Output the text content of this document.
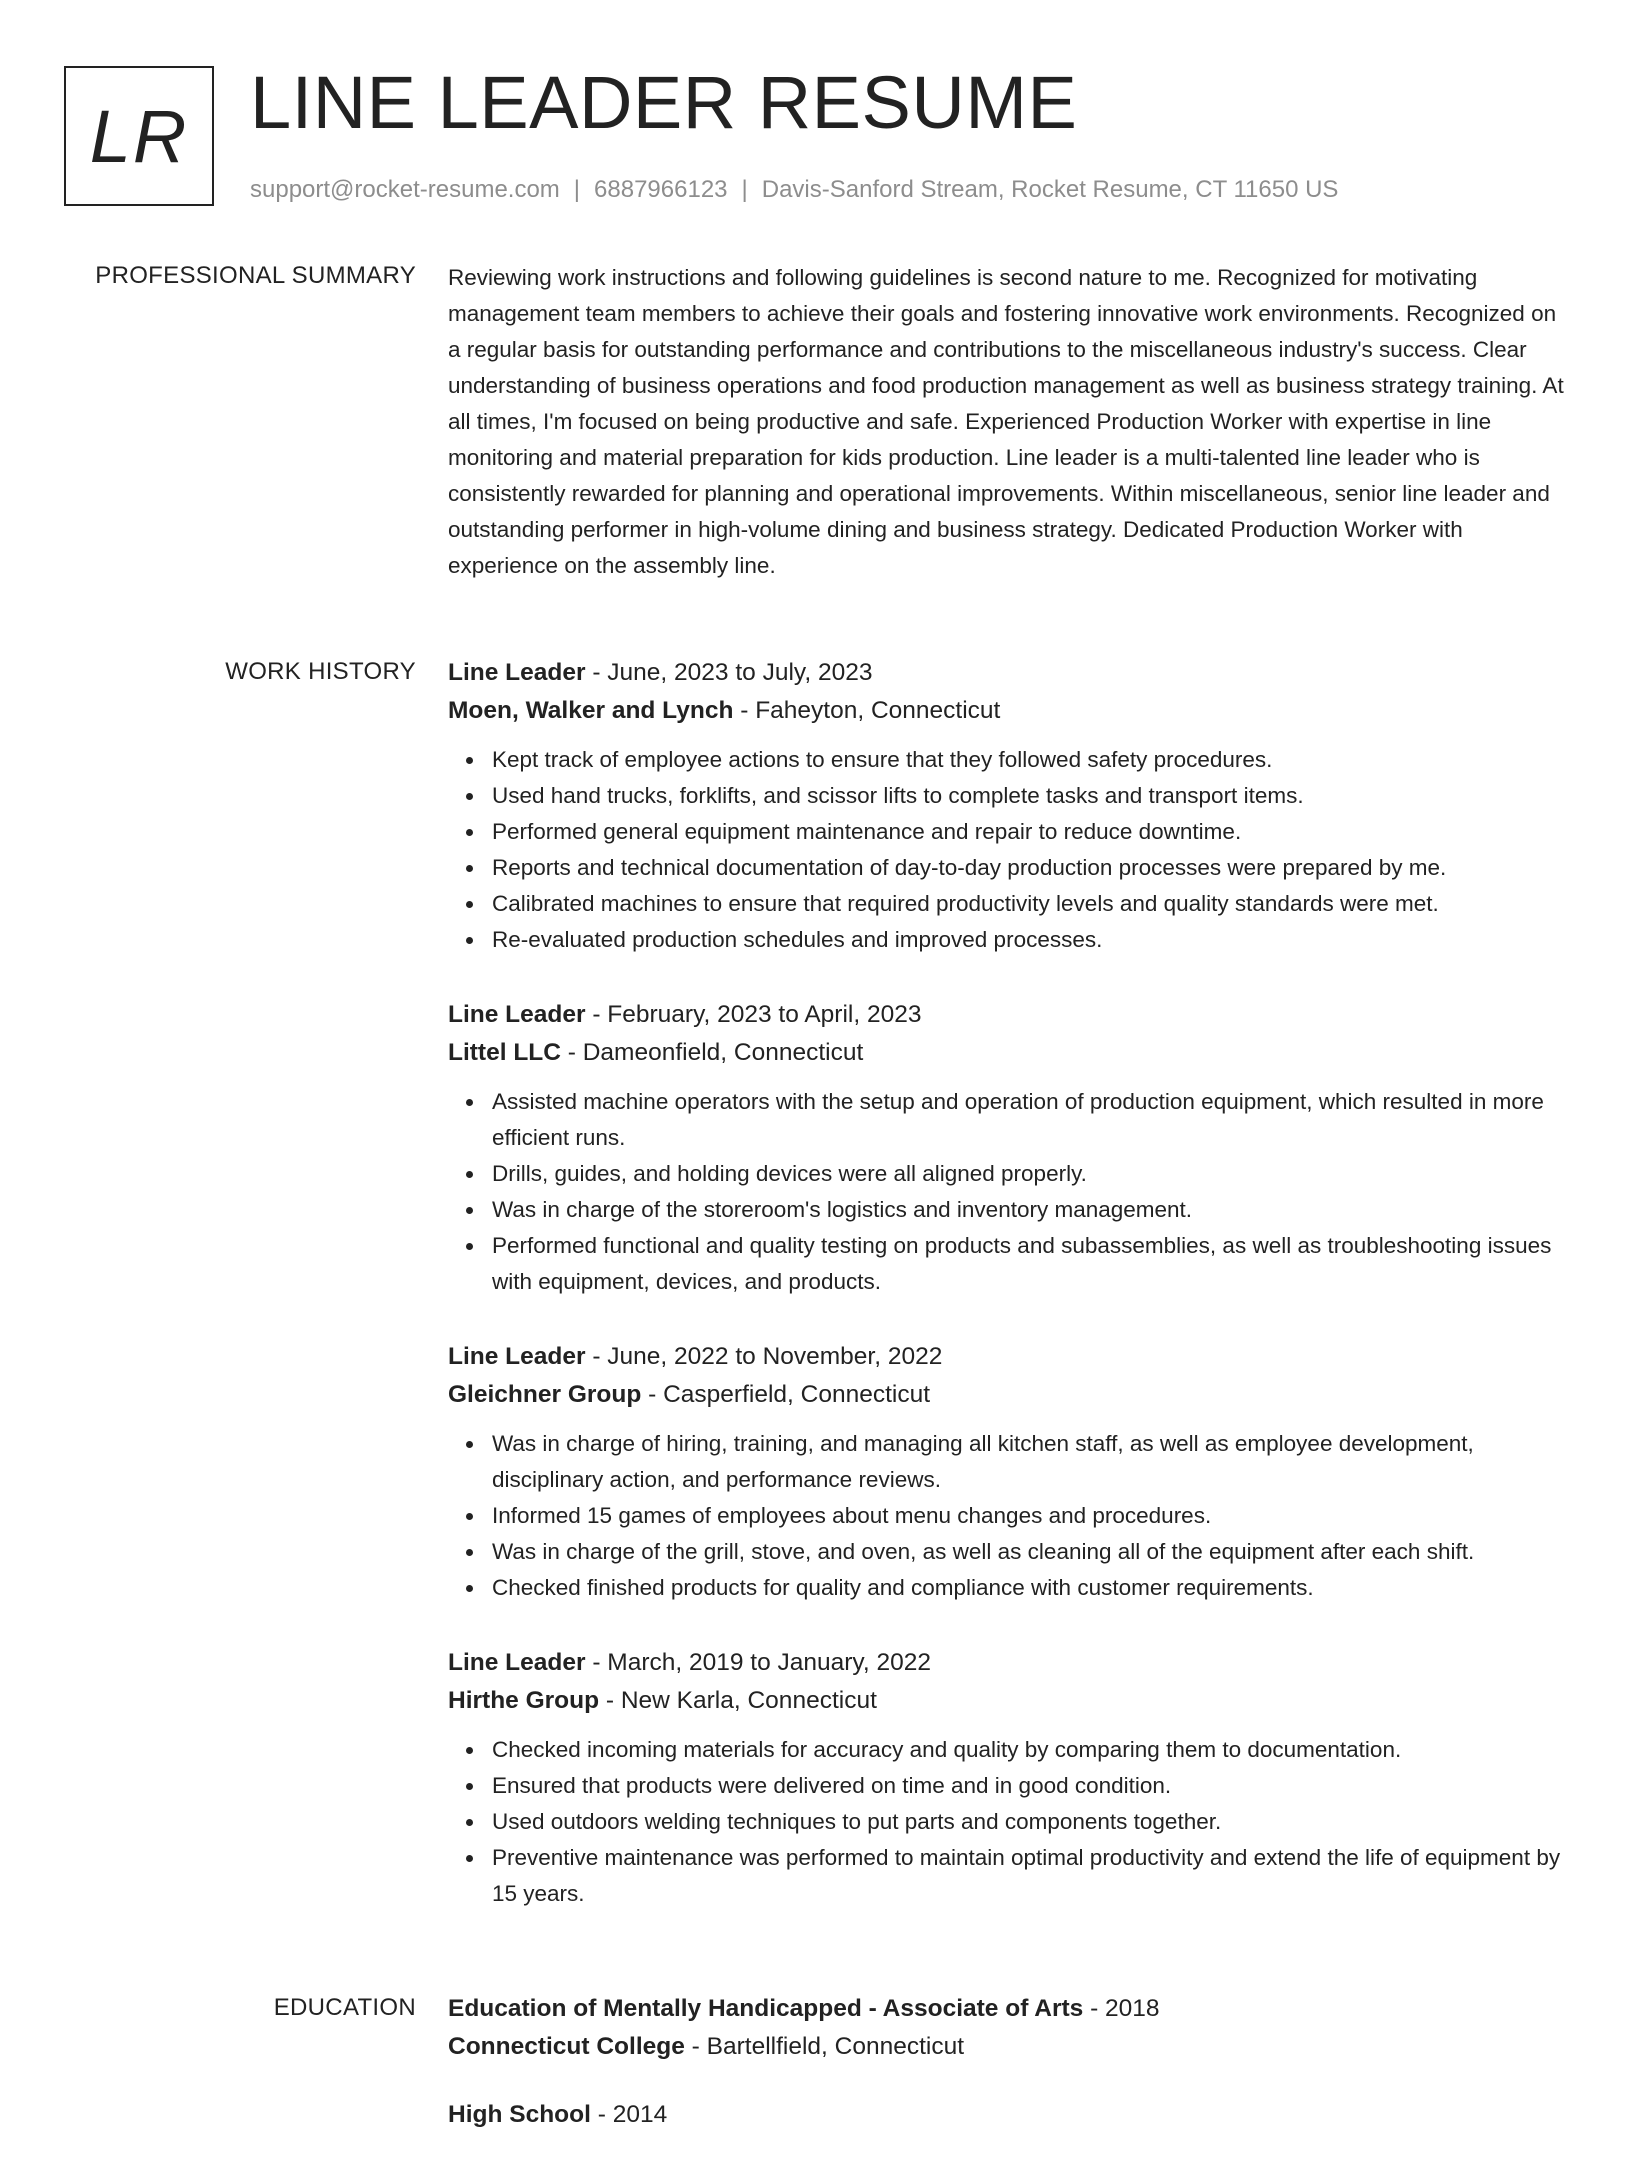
LR LINE LEADER RESUME
support@rocket-resume.com | 6887966123 | Davis-Sanford Stream, Rocket Resume, CT 11650 US
PROFESSIONAL SUMMARY Reviewing work instructions and following guidelines is second nature to me. Recognized for motivating management team members to achieve their goals and fostering innovative work environments. Recognized on a regular basis for outstanding performance and contributions to the miscellaneous industry's success. Clear understanding of business operations and food production management as well as business strategy training. At all times, I'm focused on being productive and safe. Experienced Production Worker with expertise in line monitoring and material preparation for kids production. Line leader is a multi-talented line leader who is consistently rewarded for planning and operational improvements. Within miscellaneous, senior line leader and outstanding performer in high-volume dining and business strategy. Dedicated Production Worker with experience on the assembly line.

WORK HISTORY Line Leader - June, 2023 to July, 2023
Moen, Walker and Lynch - Faheyton, Connecticut
Kept track of employee actions to ensure that they followed safety procedures.
Used hand trucks, forklifts, and scissor lifts to complete tasks and transport items.
Performed general equipment maintenance and repair to reduce downtime.
Reports and technical documentation of day-to-day production processes were prepared by me.
Calibrated machines to ensure that required productivity levels and quality standards were met.
Re-evaluated production schedules and improved processes.
Line Leader - February, 2023 to April, 2023
Littel LLC - Dameonfield, Connecticut
Assisted machine operators with the setup and operation of production equipment, which resulted in more efficient runs.
Drills, guides, and holding devices were all aligned properly.
Was in charge of the storeroom's logistics and inventory management.
Performed functional and quality testing on products and subassemblies, as well as troubleshooting issues with equipment, devices, and products.
Line Leader - June, 2022 to November, 2022
Gleichner Group - Casperfield, Connecticut
Was in charge of hiring, training, and managing all kitchen staff, as well as employee development, disciplinary action, and performance reviews.
Informed 15 games of employees about menu changes and procedures.
Was in charge of the grill, stove, and oven, as well as cleaning all of the equipment after each shift.
Checked finished products for quality and compliance with customer requirements.
Line Leader - March, 2019 to January, 2022
Hirthe Group - New Karla, Connecticut
Checked incoming materials for accuracy and quality by comparing them to documentation.
Ensured that products were delivered on time and in good condition.
Used outdoors welding techniques to put parts and components together.
Preventive maintenance was performed to maintain optimal productivity and extend the life of equipment by 15 years.
EDUCATION Education of Mentally Handicapped - Associate of Arts - 2018
Connecticut College - Bartellfield, Connecticut
High School - 2014
